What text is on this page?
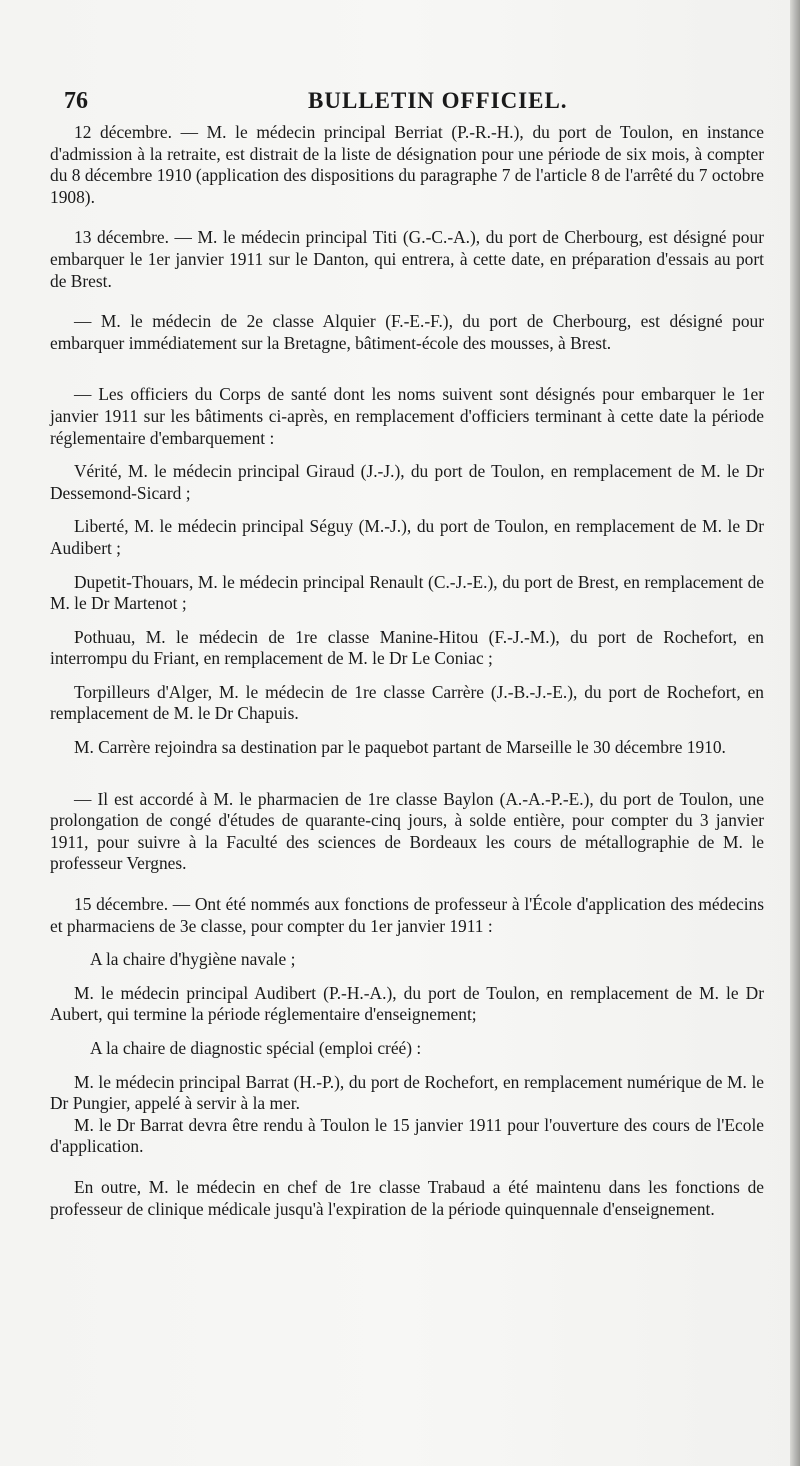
76	BULLETIN OFFICIEL.

12 décembre. — M. le médecin principal Berriat (P.-R.-H.), du port de Toulon, en instance d'admission à la retraite, est distrait de la liste de désignation pour une période de six mois, à compter du 8 décembre 1910 (application des dispositions du paragraphe 7 de l'article 8 de l'arrêté du 7 octobre 1908).

13 décembre. — M. le médecin principal Titi (G.-C.-A.), du port de Cherbourg, est désigné pour embarquer le 1er janvier 1911 sur le Danton, qui entrera, à cette date, en préparation d'essais au port de Brest.

— M. le médecin de 2e classe Alquier (F.-E.-F.), du port de Cherbourg, est désigné pour embarquer immédiatement sur la Bretagne, bâtiment-école des mousses, à Brest.

— Les officiers du Corps de santé dont les noms suivent sont désignés pour embarquer le 1er janvier 1911 sur les bâtiments ci-après, en remplacement d'officiers terminant à cette date la période réglementaire d'embarquement :

Vérité, M. le médecin principal Giraud (J.-J.), du port de Toulon, en remplacement de M. le Dr Dessemond-Sicard ;

Liberté, M. le médecin principal Séguy (M.-J.), du port de Toulon, en remplacement de M. le Dr Audibert ;

Dupetit-Thouars, M. le médecin principal Renault (C.-J.-E.), du port de Brest, en remplacement de M. le Dr Martenot ;

Pothuau, M. le médecin de 1re classe Manine-Hitou (F.-J.-M.), du port de Rochefort, en interrompu du Friant, en remplacement de M. le Dr Le Coniac ;

Torpilleurs d'Alger, M. le médecin de 1re classe Carrère (J.-B.-J.-E.), du port de Rochefort, en remplacement de M. le Dr Chapuis.

M. Carrère rejoindra sa destination par le paquebot partant de Marseille le 30 décembre 1910.

— Il est accordé à M. le pharmacien de 1re classe Baylon (A.-A.-P.-E.), du port de Toulon, une prolongation de congé d'études de quarante-cinq jours, à solde entière, pour compter du 3 janvier 1911, pour suivre à la Faculté des sciences de Bordeaux les cours de métallographie de M. le professeur Vergnes.

15 décembre. — Ont été nommés aux fonctions de professeur à l'École d'application des médecins et pharmaciens de 3e classe, pour compter du 1er janvier 1911 :

A la chaire d'hygiène navale ;

M. le médecin principal Audibert (P.-H.-A.), du port de Toulon, en remplacement de M. le Dr Aubert, qui termine la période réglementaire d'enseignement;

A la chaire de diagnostic spécial (emploi créé) :

M. le médecin principal Barrat (H.-P.), du port de Rochefort, en remplacement numérique de M. le Dr Pungier, appelé à servir à la mer.

M. le Dr Barrat devra être rendu à Toulon le 15 janvier 1911 pour l'ouverture des cours de l'Ecole d'application.

En outre, M. le médecin en chef de 1re classe Trabaud a été maintenu dans les fonctions de professeur de clinique médicale jusqu'à l'expiration de la période quinquennale d'enseignement.
